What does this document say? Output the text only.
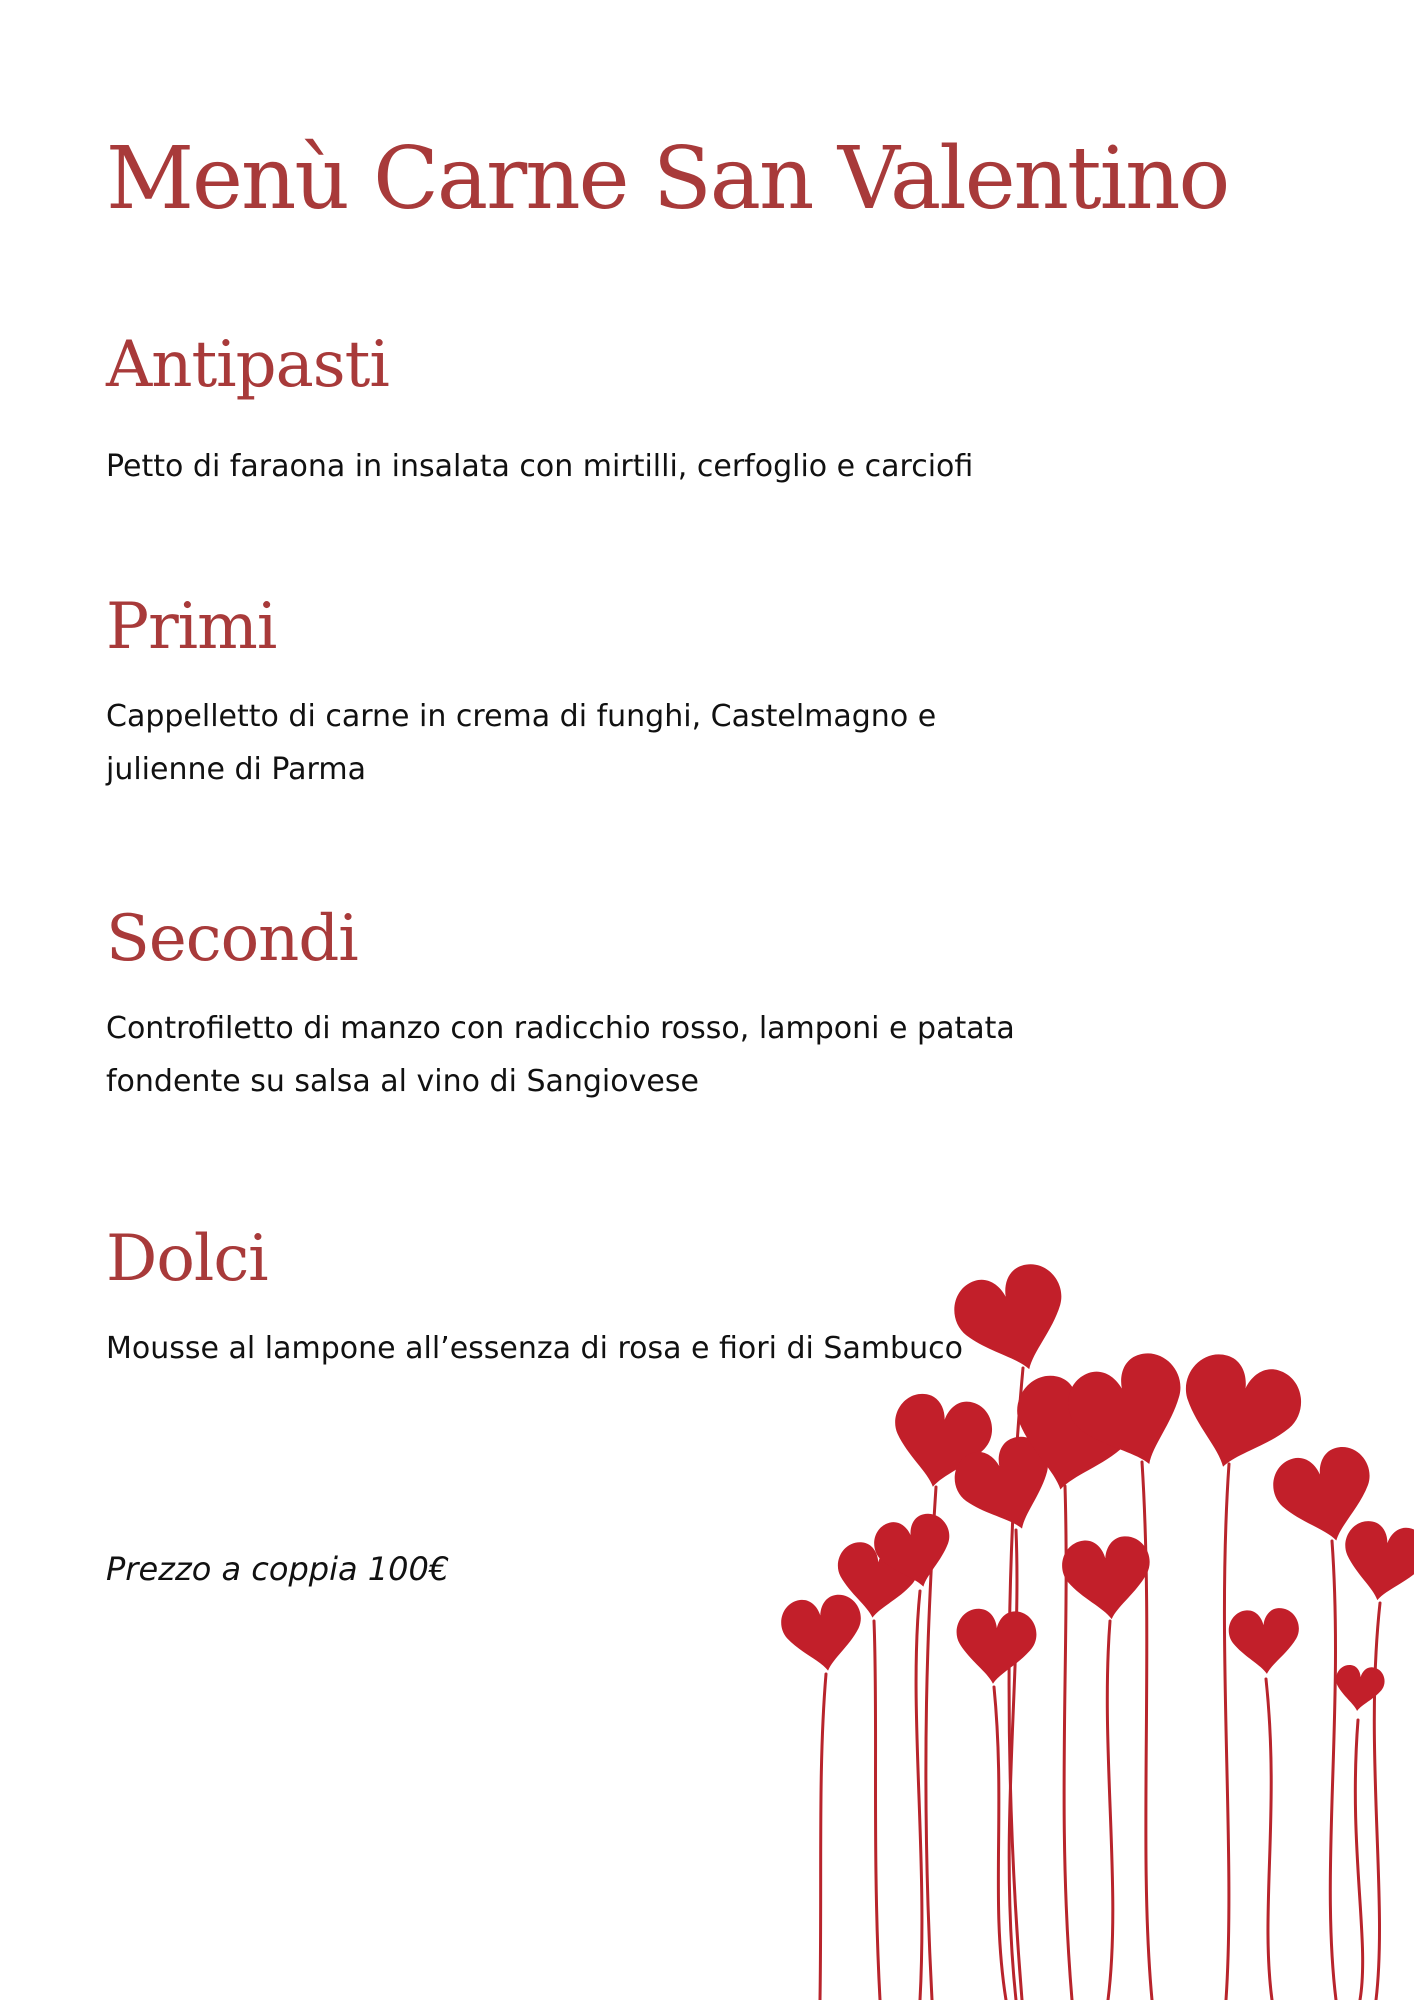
Menù Carne San Valentino
Antipasti

Petto di faraona in insalata con mirtilli, cerfoglio e carciofi

Primi

Cappelletto di carne in crema di funghi, Castelmagno e julienne di Parma

Secondi

Controfiletto di manzo con radicchio rosso, lamponi e patata fondente su salsa al vino di Sangiovese

Dolci

Mousse al lampone all’essenza di rosa e fiori di Sambuco

Prezzo a coppia 100€
